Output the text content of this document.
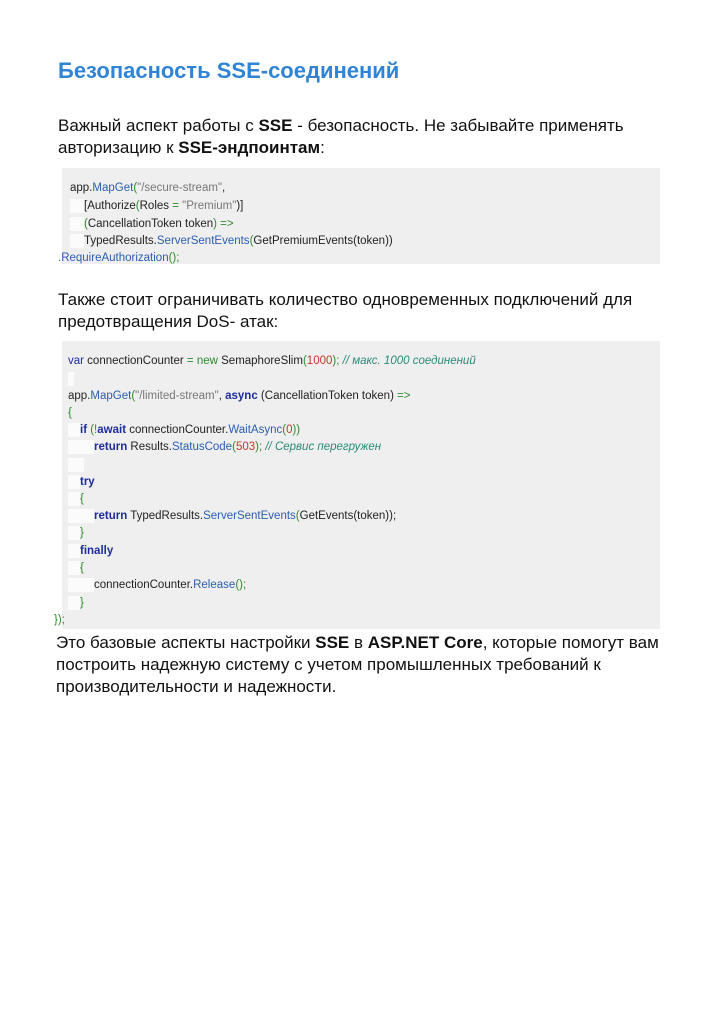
Безопасность SSE-соединений
Важный аспект работы с SSE - безопасность. Не забывайте применять авторизацию к SSE-эндпоинтам:
app.MapGet("/secure-stream",
[Authorize(Roles = "Premium")]
(CancellationToken token) =>
TypedResults.ServerSentEvents(GetPremiumEvents(token))
.RequireAuthorization();
Также стоит ограничивать количество одновременных подключений для предотвращения DoS- атак:
var connectionCounter = new SemaphoreSlim(1000); // макс. 1000 соединений
app.MapGet("/limited-stream", async (CancellationToken token) =>
{
if (!await connectionCounter.WaitAsync(0))
return Results.StatusCode(503); // Сервис перегружен
try
{
return TypedResults.ServerSentEvents(GetEvents(token));
}
finally
{
connectionCounter.Release();
}
});
Это базовые аспекты настройки SSE в ASP.NET Core, которые помогут вам построить надежную систему с учетом промышленных требований к производительности и надежности.
